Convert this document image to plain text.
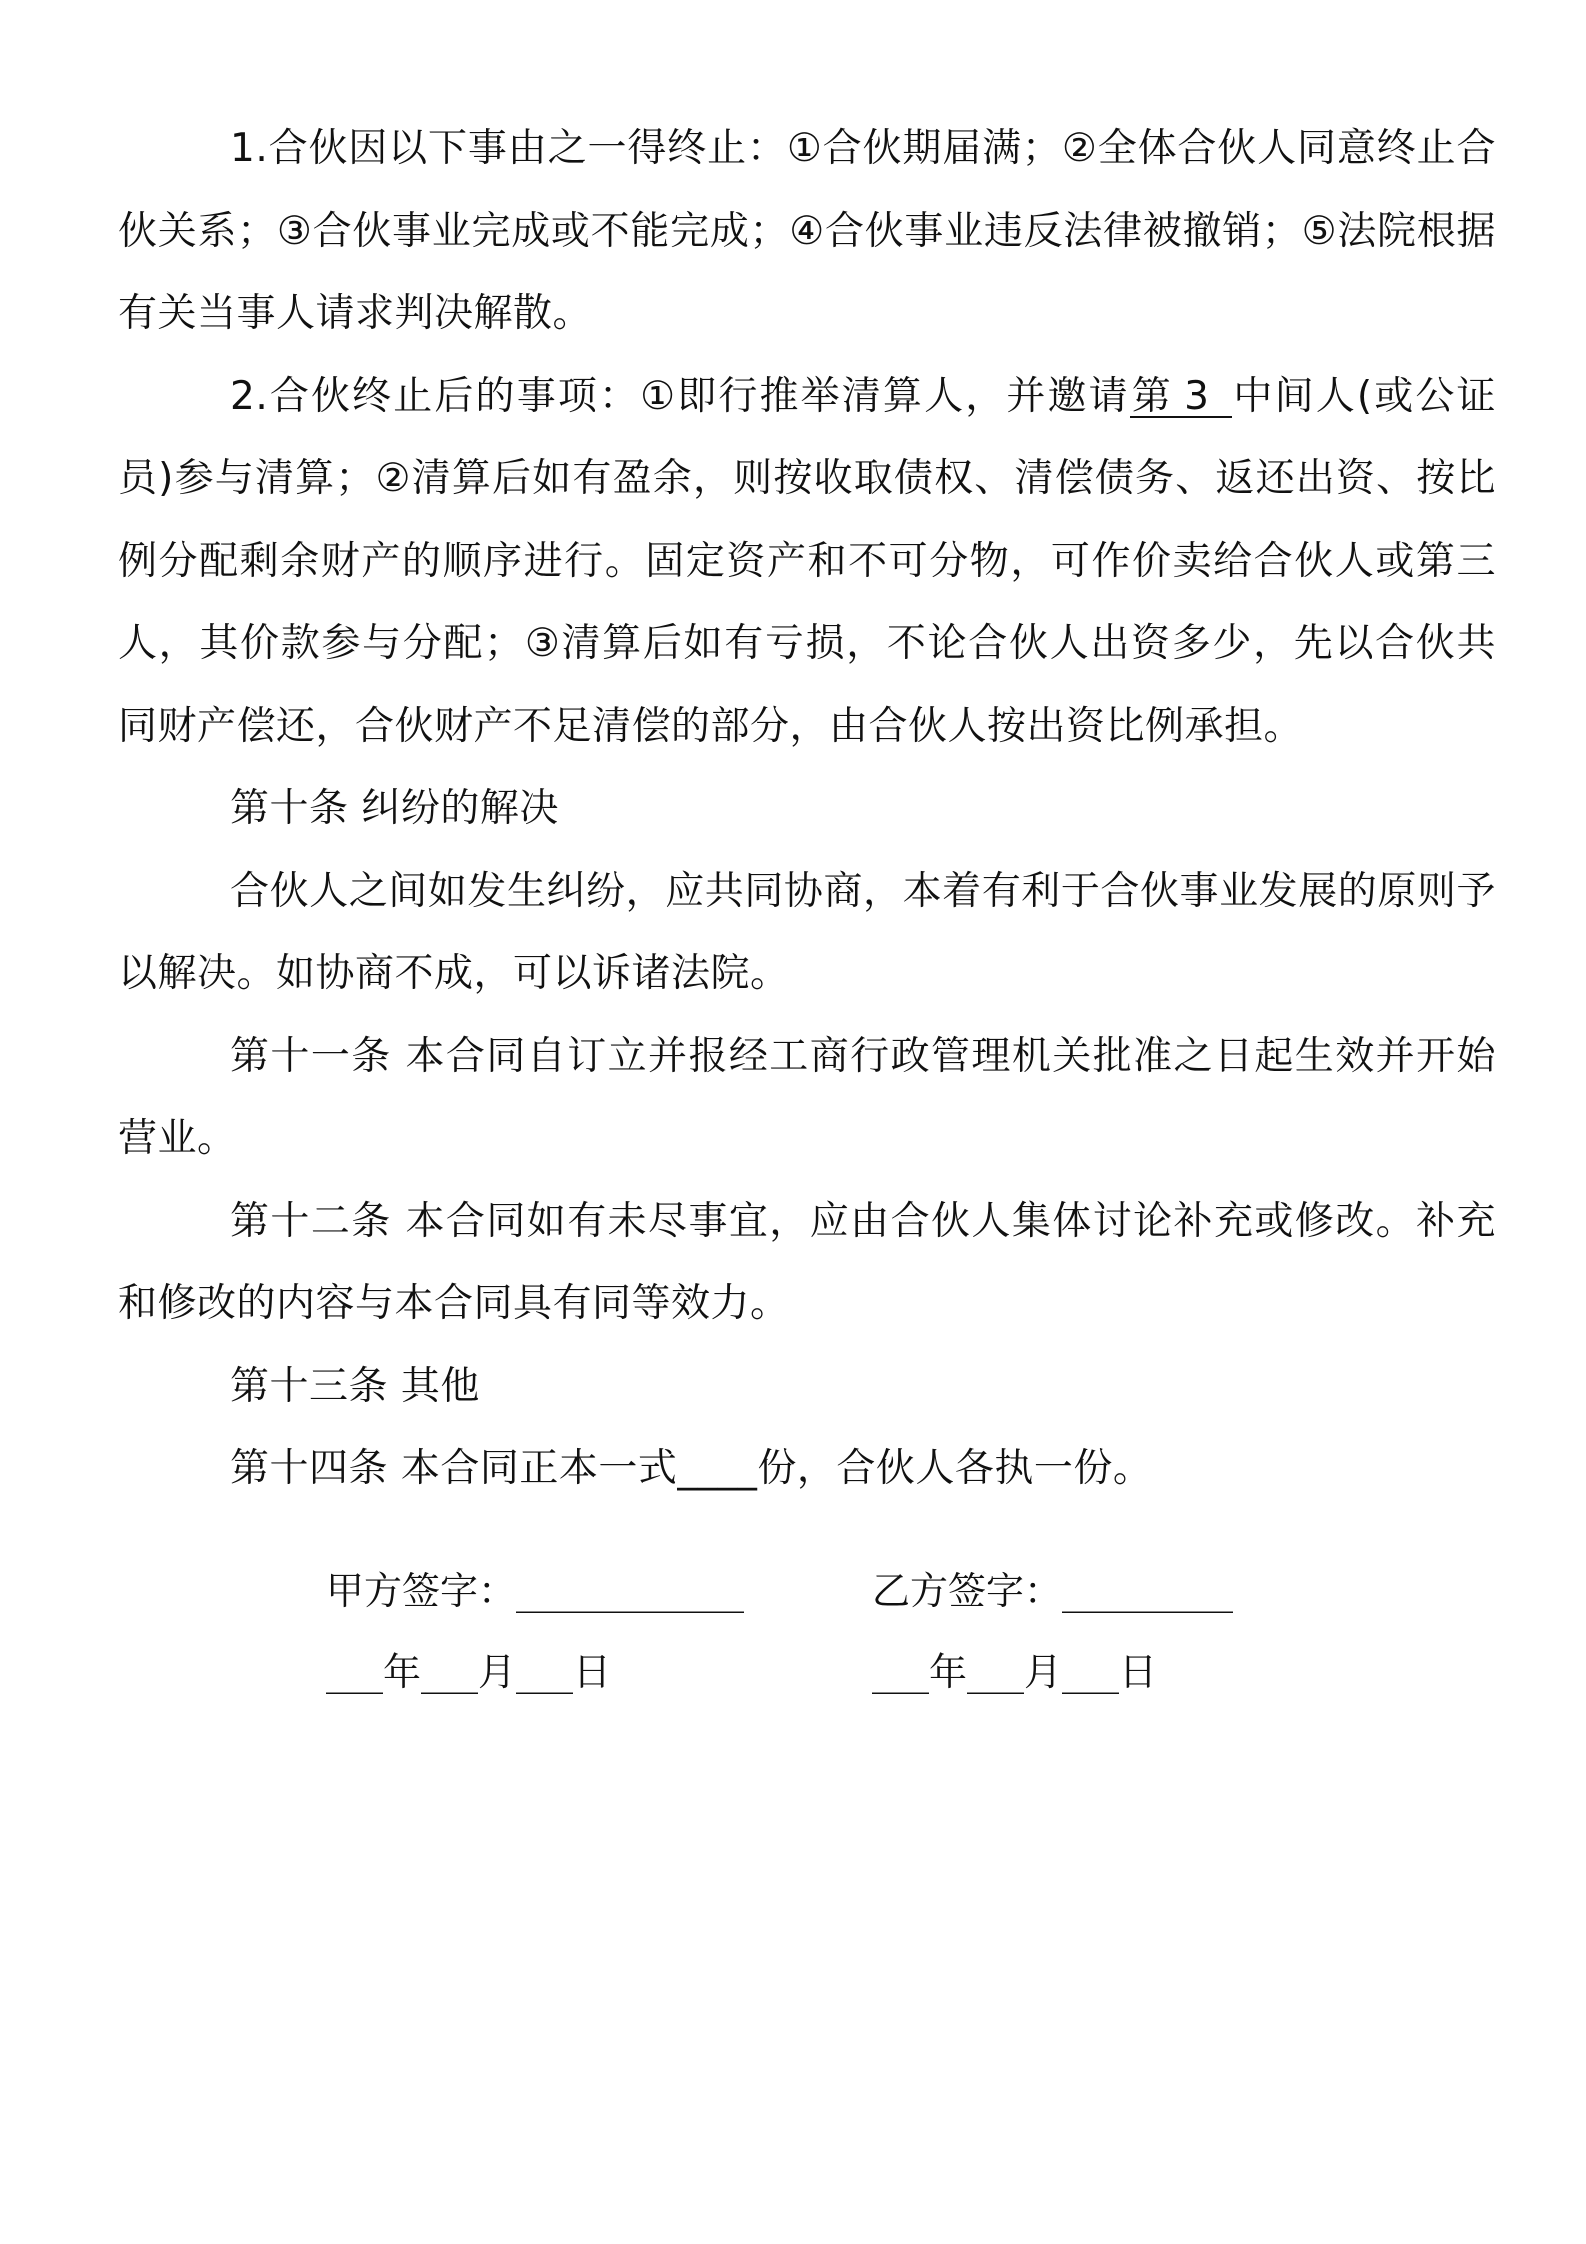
1.合伙因以下事由之一得终止：①合伙期届满；②全体合伙人同意终止合伙关系；③合伙事业完成或不能完成；④合伙事业违反法律被撤销；⑤法院根据有关当事人请求判决解散。

2.合伙终止后的事项：①即行推举清算人，并邀请第 3 中间人(或公证员)参与清算；②清算后如有盈余，则按收取债权、清偿债务、返还出资、按比例分配剩余财产的顺序进行。固定资产和不可分物，可作价卖给合伙人或第三人，其价款参与分配；③清算后如有亏损，不论合伙人出资多少，先以合伙共同财产偿还，合伙财产不足清偿的部分，由合伙人按出资比例承担。

第十条 纠纷的解决

合伙人之间如发生纠纷，应共同协商，本着有利于合伙事业发展的原则予以解决。如协商不成，可以诉诸法院。

第十一条 本合同自订立并报经工商行政管理机关批准之日起生效并开始营业。

第十二条 本合同如有未尽事宜，应由合伙人集体讨论补充或修改。补充和修改的内容与本合同具有同等效力。

第十三条 其他

第十四条 本合同正本一式____份，合伙人各执一份。

甲方签字：____________	乙方签字：_________
___年___月___日	___年___月___日
